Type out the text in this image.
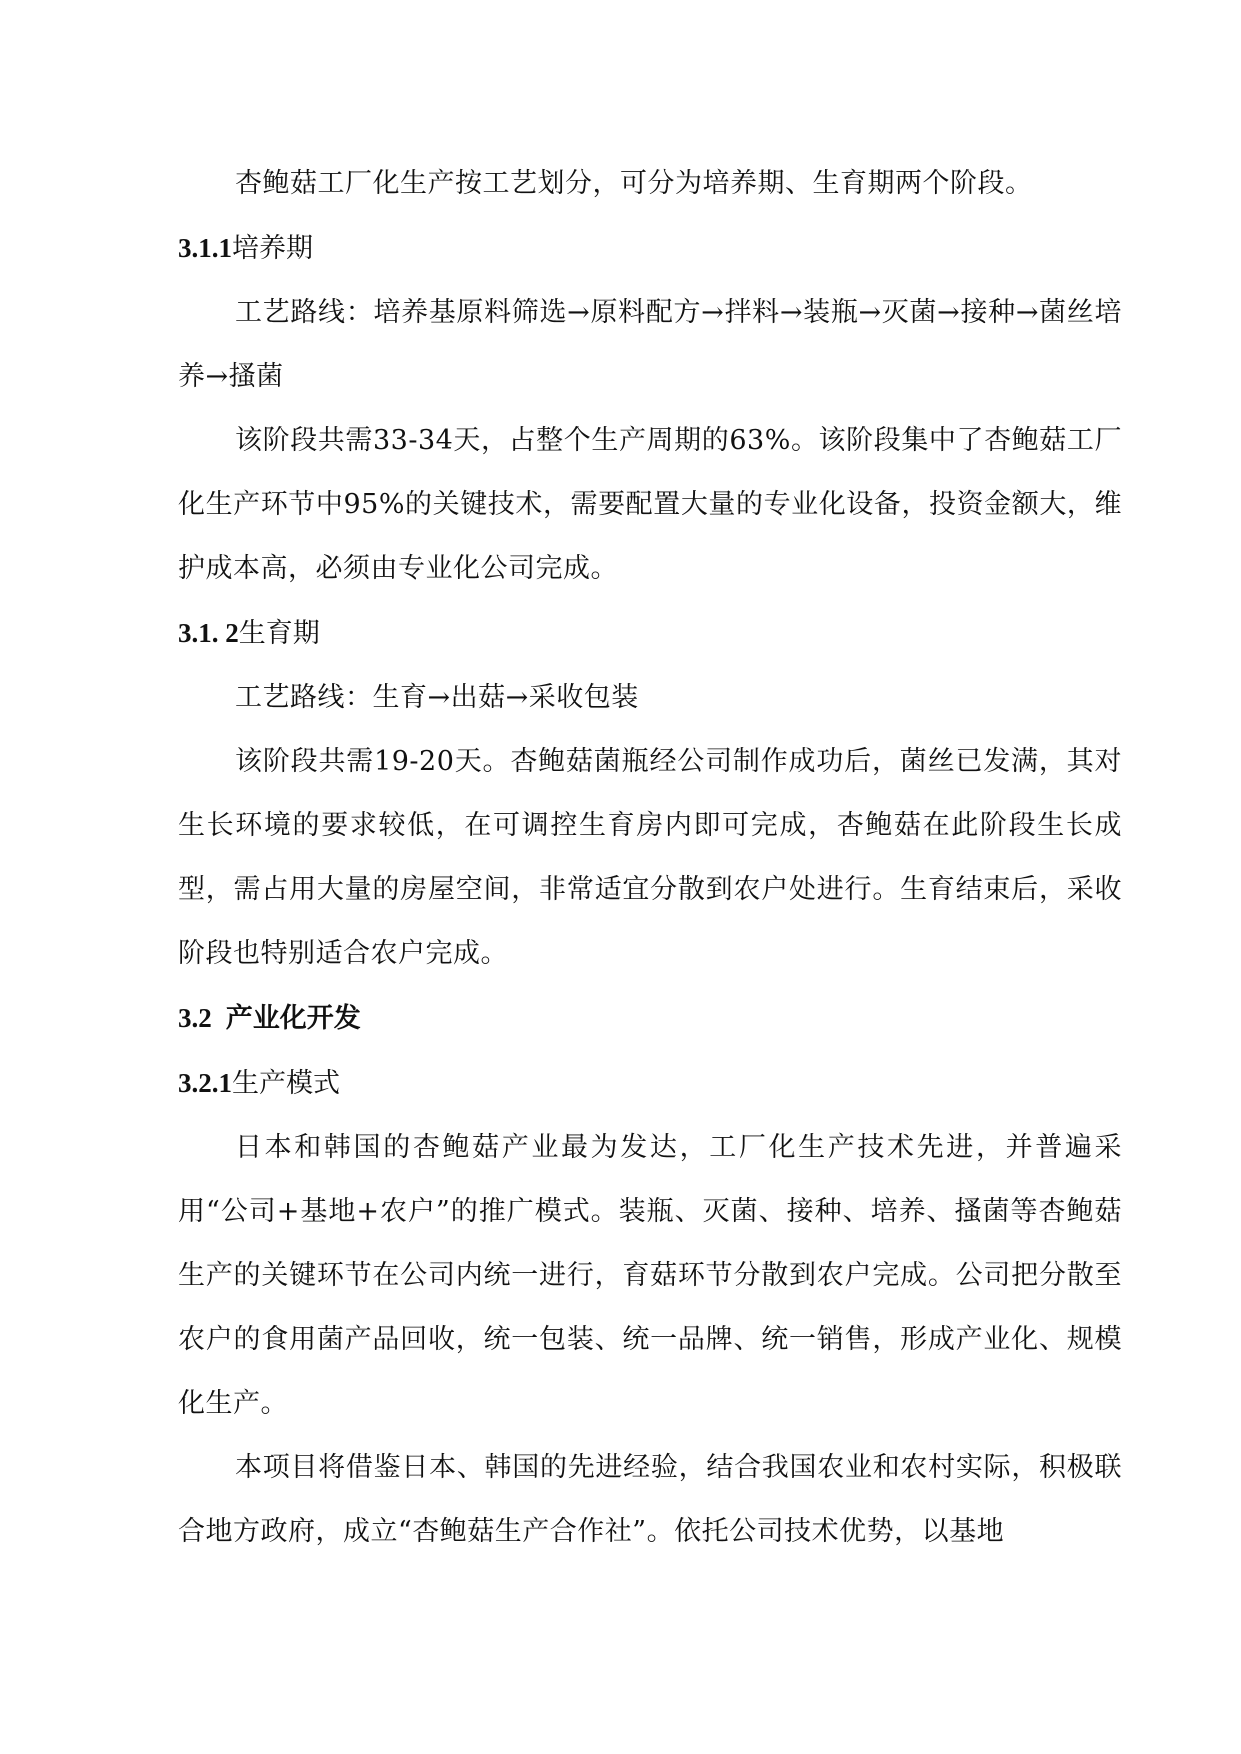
杏鲍菇工厂化生产按工艺划分，可分为培养期、生育期两个阶段。

3.1.1培养期

工艺路线：培养基原料筛选→原料配方→拌料→装瓶→灭菌→接种→菌丝培养→搔菌

该阶段共需33-34天，占整个生产周期的63%。该阶段集中了杏鲍菇工厂化生产环节中95%的关键技术，需要配置大量的专业化设备，投资金额大，维护成本高，必须由专业化公司完成。

3.1. 2生育期

工艺路线：生育→出菇→采收包装

该阶段共需19-20天。杏鲍菇菌瓶经公司制作成功后，菌丝已发满，其对生长环境的要求较低，在可调控生育房内即可完成，杏鲍菇在此阶段生长成型，需占用大量的房屋空间，非常适宜分散到农户处进行。生育结束后，采收阶段也特别适合农户完成。

3.2 产业化开发

3.2.1生产模式

日本和韩国的杏鲍菇产业最为发达，工厂化生产技术先进，并普遍采用“公司+基地+农户”的推广模式。装瓶、灭菌、接种、培养、搔菌等杏鲍菇生产的关键环节在公司内统一进行，育菇环节分散到农户完成。公司把分散至农户的食用菌产品回收，统一包装、统一品牌、统一销售，形成产业化、规模化生产。

本项目将借鉴日本、韩国的先进经验，结合我国农业和农村实际，积极联合地方政府，成立“杏鲍菇生产合作社”。依托公司技术优势，以基地
